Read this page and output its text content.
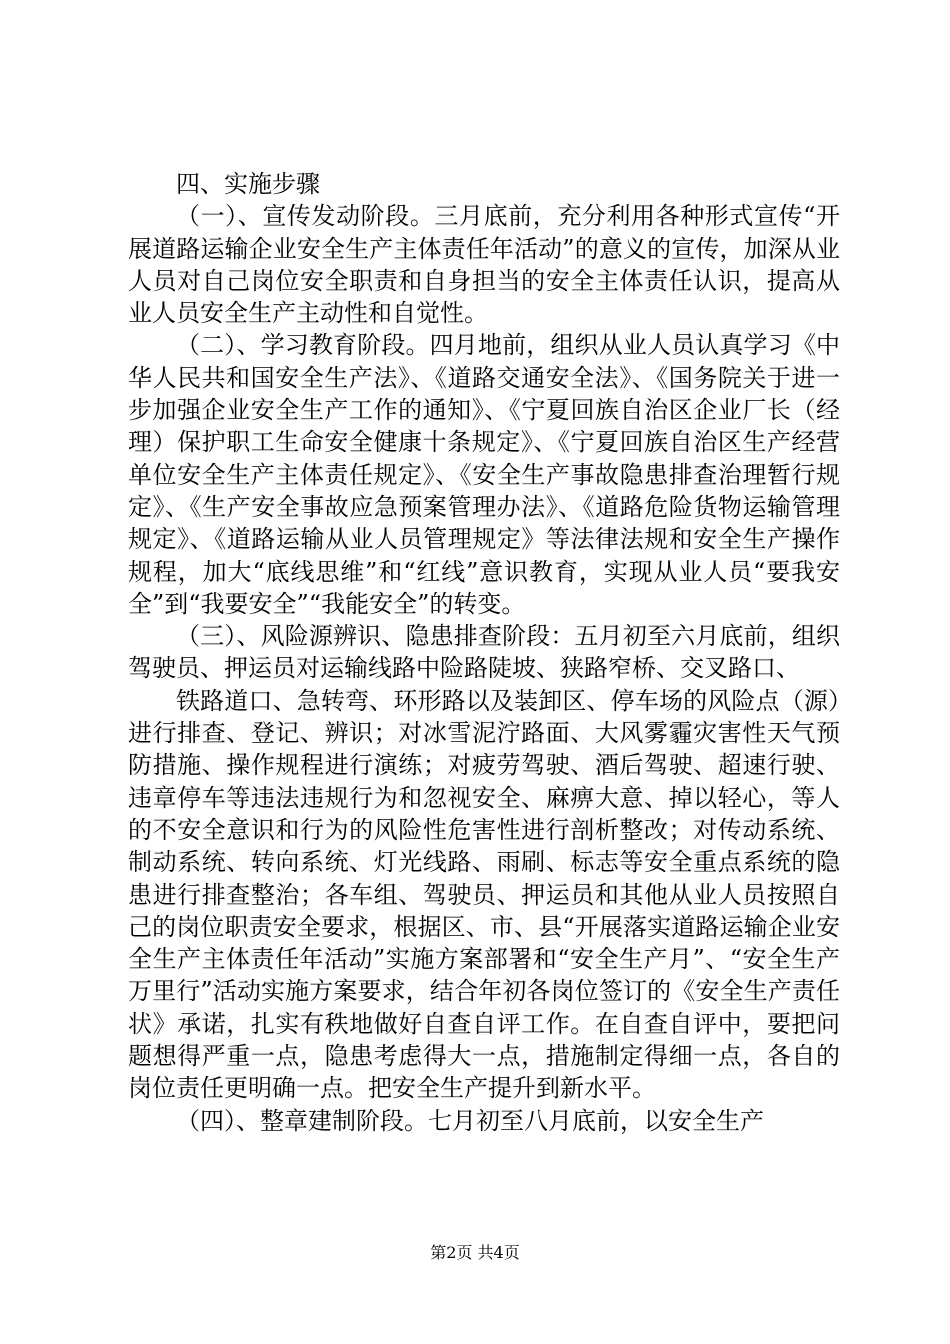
四、实施步骤

（一）、宣传发动阶段。三月底前，充分利用各种形式宣传“开展道路运输企业安全生产主体责任年活动”的意义的宣传，加深从业人员对自己岗位安全职责和自身担当的安全主体责任认识，提高从业人员安全生产主动性和自觉性。

（二）、学习教育阶段。四月地前，组织从业人员认真学习《中华人民共和国安全生产法》、《道路交通安全法》、《国务院关于进一步加强企业安全生产工作的通知》、《宁夏回族自治区企业厂长（经理）保护职工生命安全健康十条规定》、《宁夏回族自治区生产经营单位安全生产主体责任规定》、《安全生产事故隐患排查治理暂行规定》、《生产安全事故应急预案管理办法》、《道路危险货物运输管理规定》、《道路运输从业人员管理规定》等法律法规和安全生产操作规程，加大“底线思维”和“红线”意识教育，实现从业人员“要我安全”到“我要安全”“我能安全”的转变。

（三）、风险源辨识、隐患排查阶段：五月初至六月底前，组织驾驶员、押运员对运输线路中险路陡坡、狭路窄桥、交叉路口、

铁路道口、急转弯、环形路以及装卸区、停车场的风险点（源）进行排查、登记、辨识；对冰雪泥泞路面、大风雾霾灾害性天气预防措施、操作规程进行演练；对疲劳驾驶、酒后驾驶、超速行驶、违章停车等违法违规行为和忽视安全、麻痹大意、掉以轻心，等人的不安全意识和行为的风险性危害性进行剖析整改；对传动系统、制动系统、转向系统、灯光线路、雨刷、标志等安全重点系统的隐患进行排查整治；各车组、驾驶员、押运员和其他从业人员按照自己的岗位职责安全要求，根据区、市、县“开展落实道路运输企业安全生产主体责任年活动”实施方案部署和“安全生产月”、“安全生产万里行”活动实施方案要求，结合年初各岗位签订的《安全生产责任状》承诺，扎实有秩地做好自查自评工作。在自查自评中，要把问题想得严重一点，隐患考虑得大一点，措施制定得细一点，各自的岗位责任更明确一点。把安全生产提升到新水平。

（四）、整章建制阶段。七月初至八月底前，以安全生产

第2页 共4页
